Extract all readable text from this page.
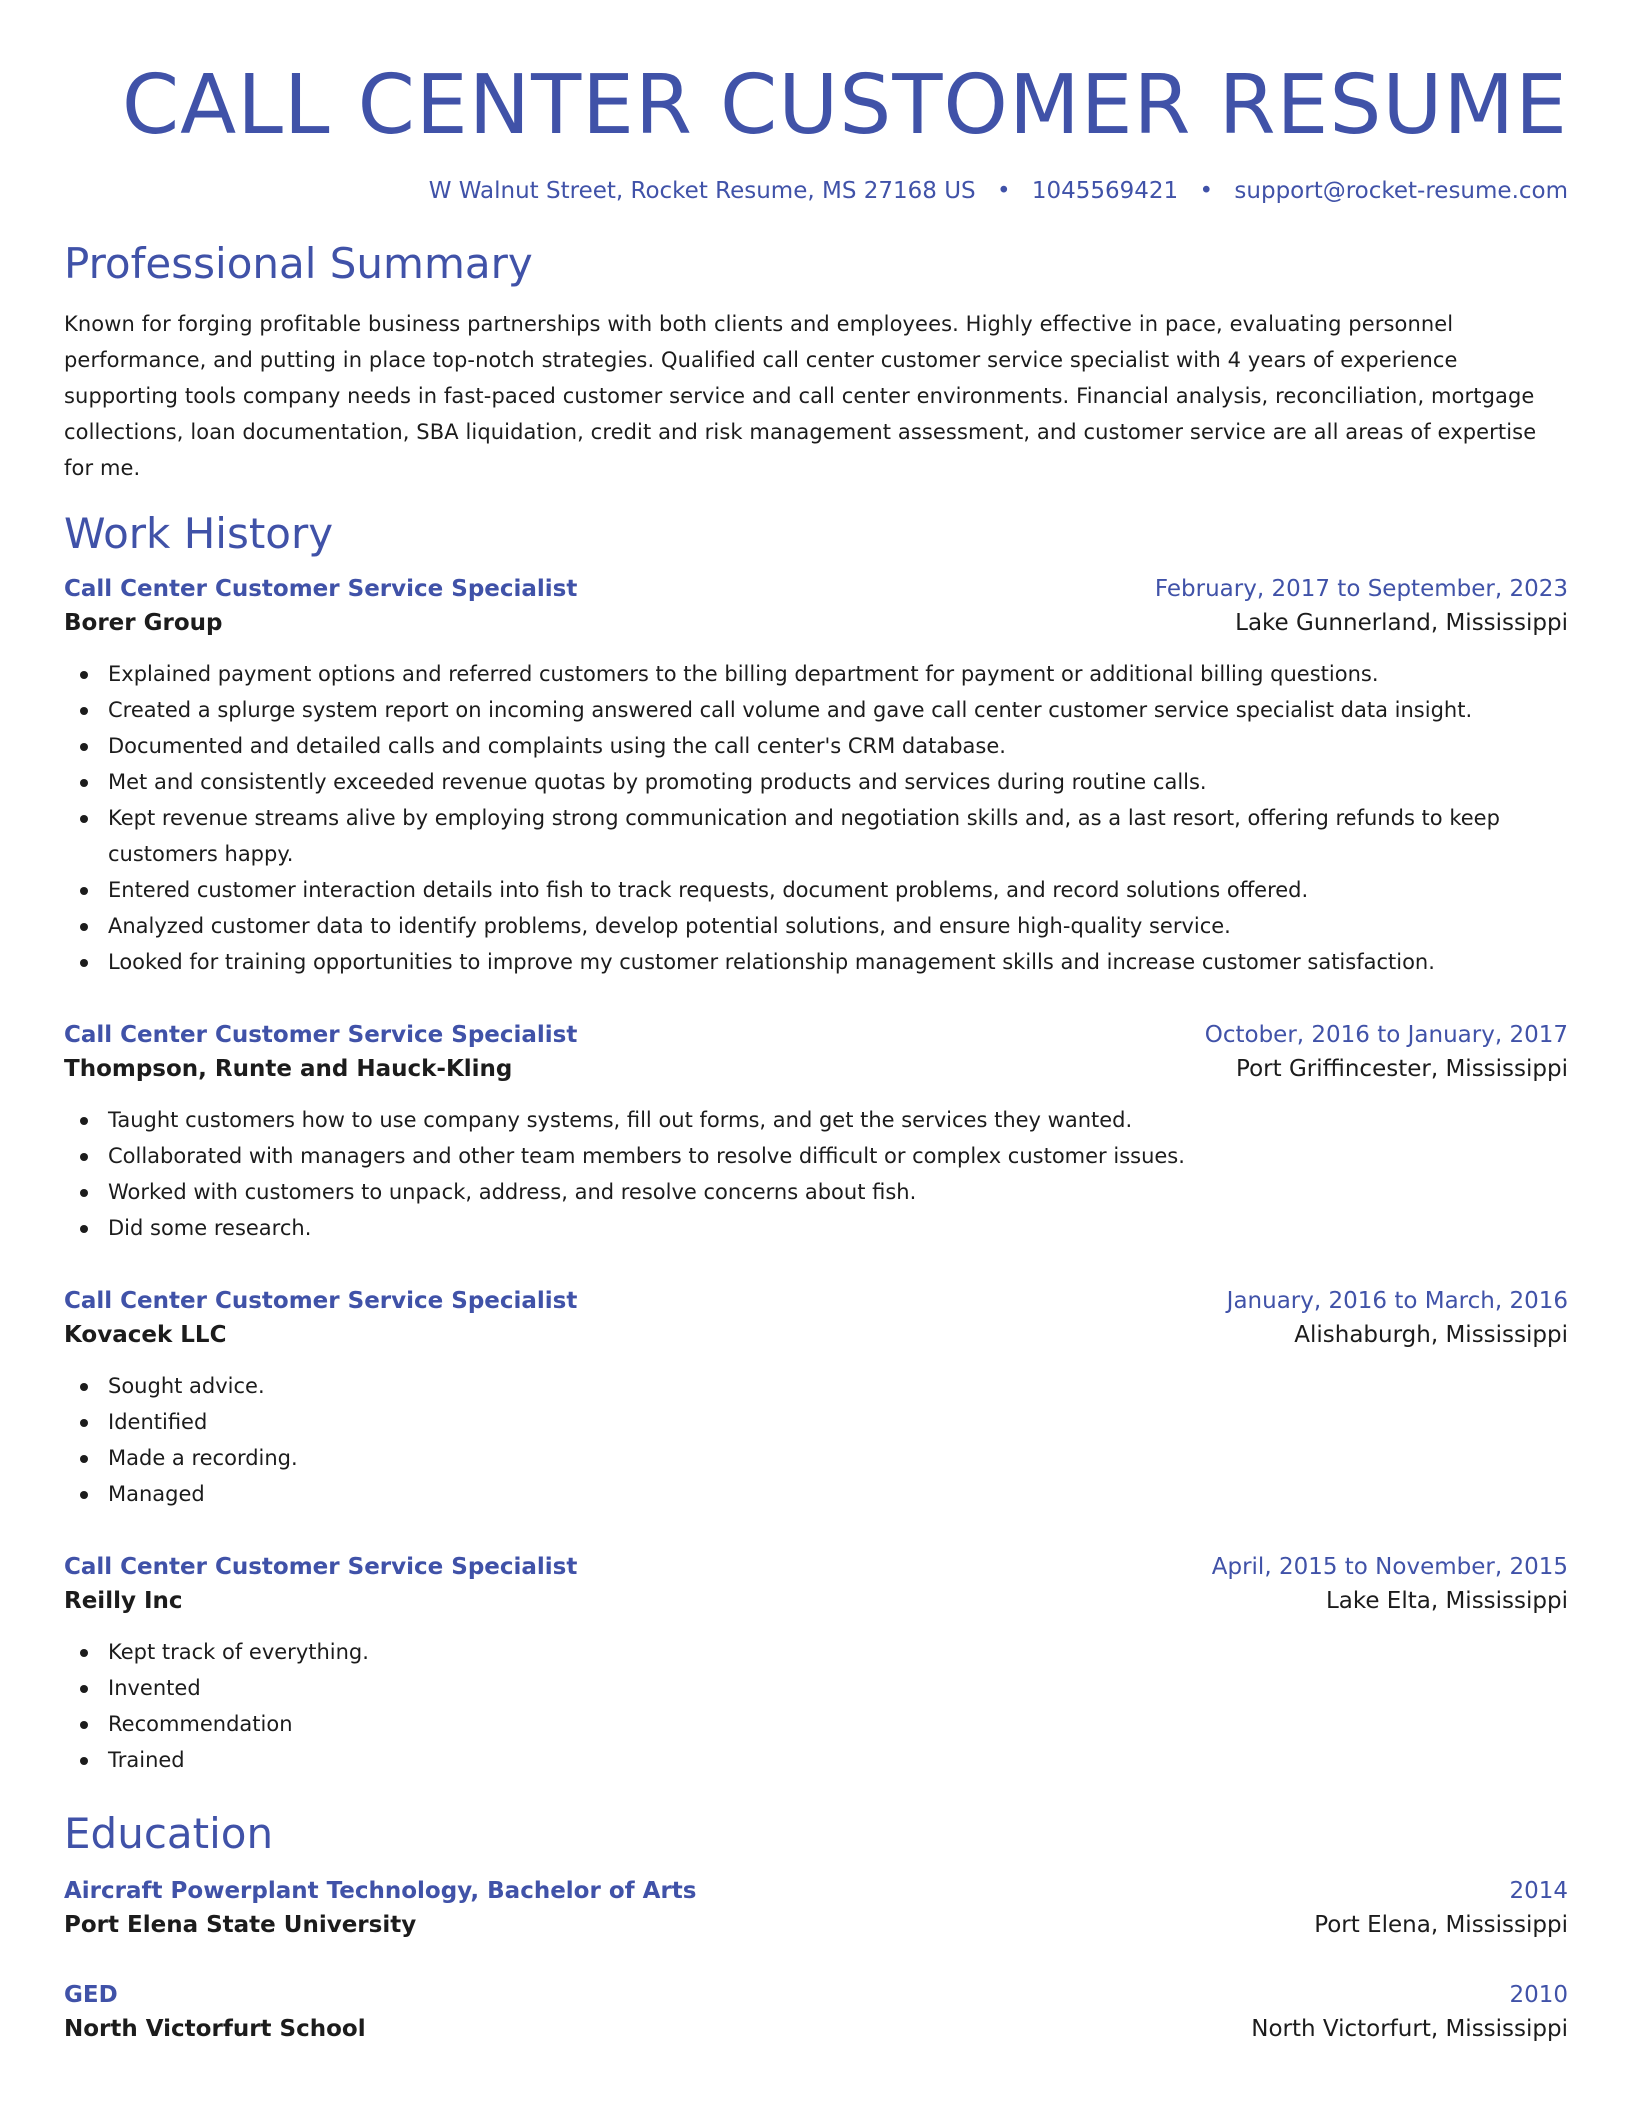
CALL CENTER CUSTOMER RESUME
W Walnut Street, Rocket Resume, MS 27168 US • 1045569421 • support@rocket-resume.com
Professional Summary

Known for forging profitable business partnerships with both clients and employees. Highly effective in pace, evaluating personnel performance, and putting in place top-notch strategies. Qualified call center customer service specialist with 4 years of experience supporting tools company needs in fast-paced customer service and call center environments. Financial analysis, reconciliation, mortgage collections, loan documentation, SBA liquidation, credit and risk management assessment, and customer service are all areas of expertise for me.

Work History
Call Center Customer Service Specialist	February, 2017 to September, 2023
Borer Group	Lake Gunnerland, Mississippi
Explained payment options and referred customers to the billing department for payment or additional billing questions.
Created a splurge system report on incoming answered call volume and gave call center customer service specialist data insight.
Documented and detailed calls and complaints using the call center's CRM database.
Met and consistently exceeded revenue quotas by promoting products and services during routine calls.
Kept revenue streams alive by employing strong communication and negotiation skills and, as a last resort, offering refunds to keep customers happy.
Entered customer interaction details into fish to track requests, document problems, and record solutions offered.
Analyzed customer data to identify problems, develop potential solutions, and ensure high-quality service.
Looked for training opportunities to improve my customer relationship management skills and increase customer satisfaction.
Call Center Customer Service Specialist	October, 2016 to January, 2017
Thompson, Runte and Hauck-Kling	Port Griffincester, Mississippi
Taught customers how to use company systems, fill out forms, and get the services they wanted.
Collaborated with managers and other team members to resolve difficult or complex customer issues.
Worked with customers to unpack, address, and resolve concerns about fish.
Did some research.
Call Center Customer Service Specialist	January, 2016 to March, 2016
Kovacek LLC	Alishaburgh, Mississippi
Sought advice.
Identified
Made a recording.
Managed
Call Center Customer Service Specialist	April, 2015 to November, 2015
Reilly Inc	Lake Elta, Mississippi
Kept track of everything.
Invented
Recommendation
Trained
Education
Aircraft Powerplant Technology, Bachelor of Arts	2014
Port Elena State University	Port Elena, Mississippi
GED	2010
North Victorfurt School	North Victorfurt, Mississippi
